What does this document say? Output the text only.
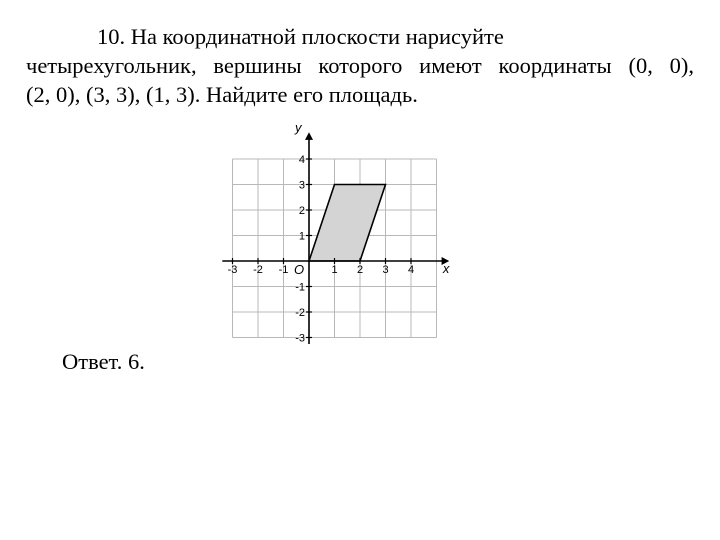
10. На координатной плоскости нарисуйте
четырехугольник, вершины которого имеют координаты (0, 0),
(2, 0), (3, 3), (1, 3). Найдите его площадь.

-3 -2 -1	1 2 3 4
4
3
2
1
-1
-2
-3
x
y
O

Ответ. 6.
